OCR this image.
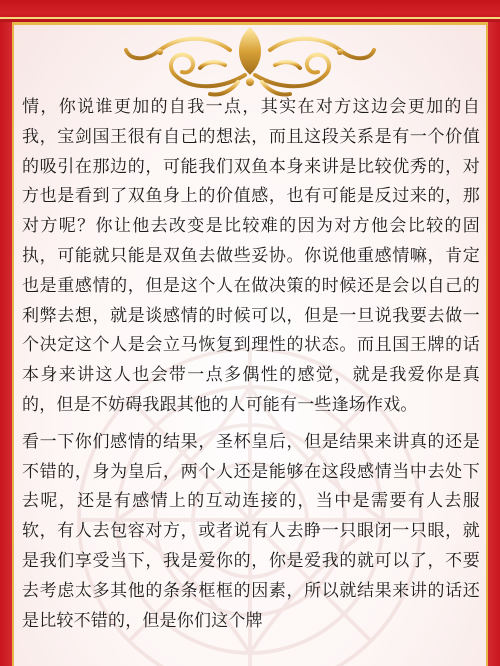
情，你说谁更加的自我一点，其实在对方这边会更加的自我，宝剑国王很有自己的想法，而且这段关系是有一个价值的吸引在那边的，可能我们双鱼本身来讲是比较优秀的，对方也是看到了双鱼身上的价值感，也有可能是反过来的，那对方呢？你让他去改变是比较难的因为对方他会比较的固执，可能就只能是双鱼去做些妥协。你说他重感情嘛，肯定也是重感情的，但是这个人在做决策的时候还是会以自己的利弊去想，就是谈感情的时候可以，但是一旦说我要去做一个决定这个人是会立马恢复到理性的状态。而且国王牌的话本身来讲这人也会带一点多偶性的感觉，就是我爱你是真的，但是不妨碍我跟其他的人可能有一些逢场作戏。

看一下你们感情的结果，圣杯皇后，但是结果来讲真的还是不错的，身为皇后，两个人还是能够在这段感情当中去处下去呢，还是有感情上的互动连接的，当中是需要有人去服软，有人去包容对方，或者说有人去睁一只眼闭一只眼，就是我们享受当下，我是爱你的，你是爱我的就可以了，不要去考虑太多其他的条条框框的因素，所以就结果来讲的话还是比较不错的，但是你们这个牌
